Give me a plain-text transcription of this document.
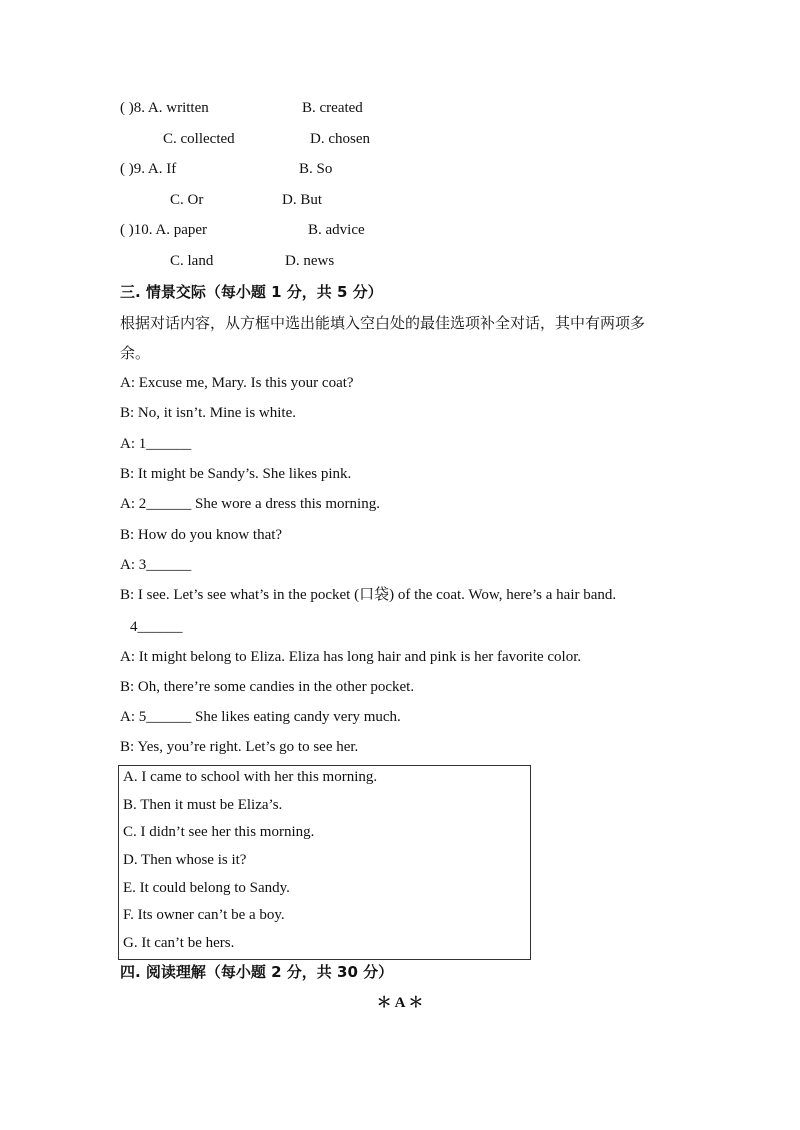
( )8. A. written	B. created
C. collected	D. chosen
( )9. A. If	B. So
C. Or	D. But
( )10. A. paper	B. advice
C. land	D. news
三. 情景交际（每小题 1 分，共 5 分）
根据对话内容，从方框中选出能填入空白处的最佳选项补全对话，其中有两项多
余。
A: Excuse me, Mary. Is this your coat?
B: No, it isn’t. Mine is white.
A: 1______
B: It might be Sandy’s. She likes pink.
A: 2______ She wore a dress this morning.
B: How do you know that?
A: 3______
B: I see. Let’s see what’s in the pocket (口袋) of the coat. Wow, here’s a hair band.
4______
A: It might belong to Eliza. Eliza has long hair and pink is her favorite color.
B: Oh, there’re some candies in the other pocket.
A: 5______ She likes eating candy very much.
B: Yes, you’re right. Let’s go to see her.
A. I came to school with her this morning.
B. Then it must be Eliza’s.
C. I didn’t see her this morning.
D. Then whose is it?
E. It could belong to Sandy.
F. Its owner can’t be a boy.
G. It can’t be hers.
四. 阅读理解（每小题 2 分，共 30 分）
＊ A ＊
